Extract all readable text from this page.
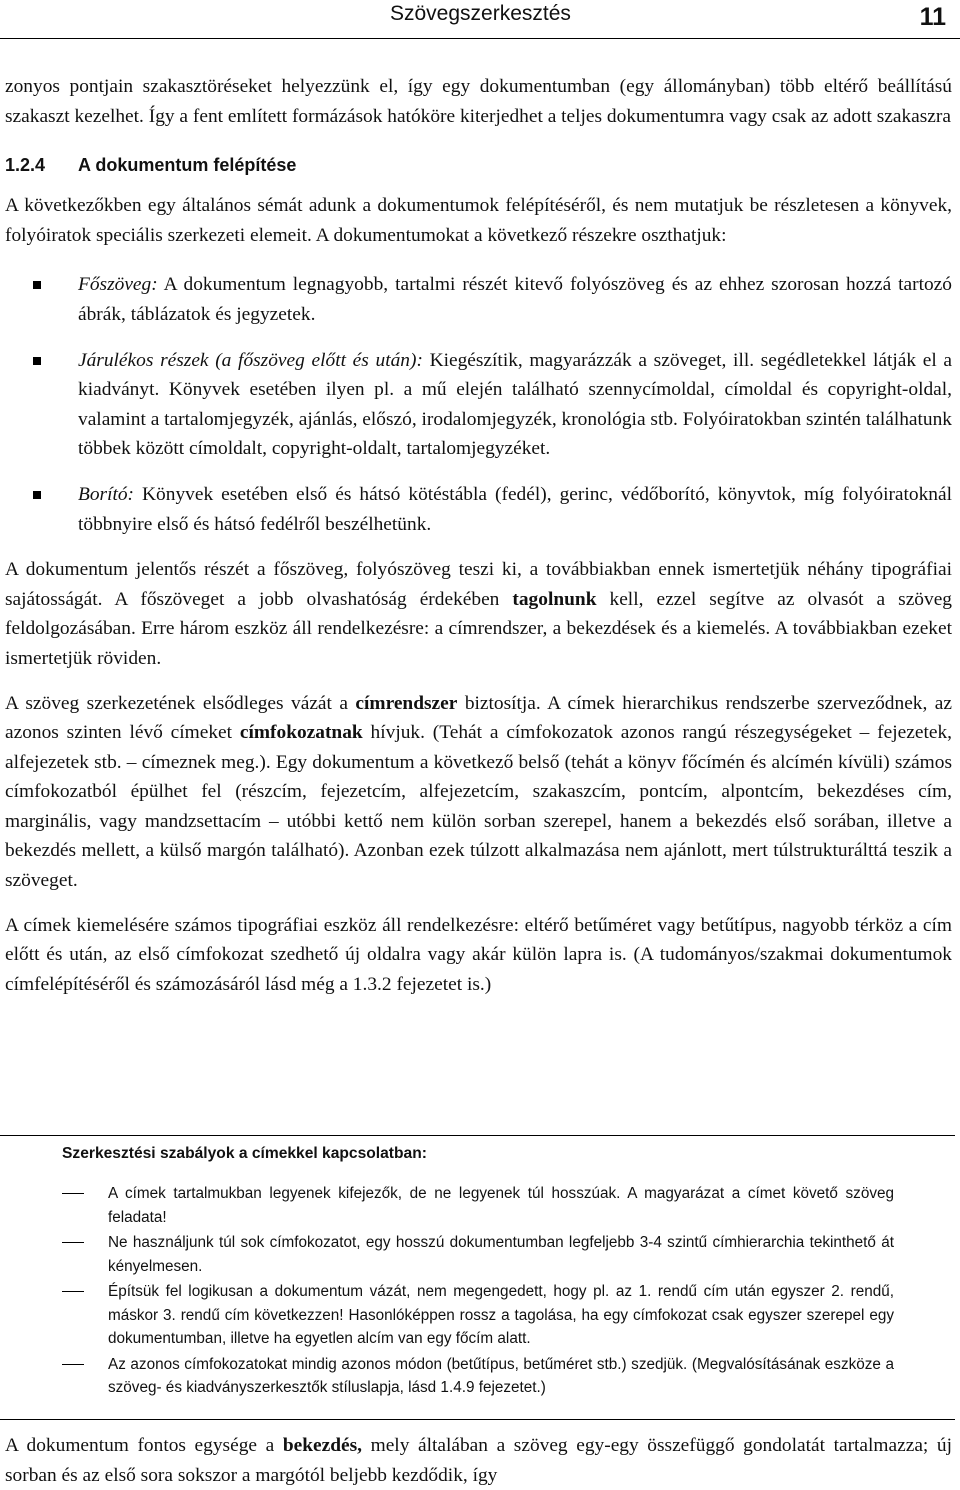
Szövegszerkesztés	11

zonyos pontjain szakasztöréseket helyezzünk el, így egy dokumentumban (egy állományban) több eltérő beállítású szakaszt kezelhet. Így a fent említett formázások hatóköre kiterjedhet a teljes dokumentumra vagy csak az adott szakaszra

1.2.4 A dokumentum felépítése

A következőkben egy általános sémát adunk a dokumentumok felépítéséről, és nem mutatjuk be részletesen a könyvek, folyóiratok speciális szerkezeti elemeit. A dokumentumokat a következő részekre oszthatjuk:

Főszöveg: A dokumentum legnagyobb, tartalmi részét kitevő folyószöveg és az ehhez szorosan hozzá tartozó ábrák, táblázatok és jegyzetek.
Járulékos részek (a főszöveg előtt és után): Kiegészítik, magyarázzák a szöveget, ill. segédletekkel látják el a kiadványt. Könyvek esetében ilyen pl. a mű elején található szennycímoldal, címoldal és copyright-oldal, valamint a tartalomjegyzék, ajánlás, előszó, irodalomjegyzék, kronológia stb. Folyóiratokban szintén találhatunk többek között címoldalt, copyright-oldalt, tartalomjegyzéket.
Borító: Könyvek esetében első és hátsó kötéstábla (fedél), gerinc, védőborító, könyvtok, míg folyóiratoknál többnyire első és hátsó fedélről beszélhetünk.

A dokumentum jelentős részét a főszöveg, folyószöveg teszi ki, a továbbiakban ennek ismertetjük néhány tipográfiai sajátosságát. A főszöveget a jobb olvashatóság érdekében tagolnunk kell, ezzel segítve az olvasót a szöveg feldolgozásában. Erre három eszköz áll rendelkezésre: a címrendszer, a bekezdések és a kiemelés. A továbbiakban ezeket ismertetjük röviden.

A szöveg szerkezetének elsődleges vázát a címrendszer biztosítja. A címek hierarchikus rendszerbe szerveződnek, az azonos szinten lévő címeket címfokozatnak hívjuk. (Tehát a címfokozatok azonos rangú részegységeket – fejezetek, alfejezetek stb. – címeznek meg.). Egy dokumentum a következő belső (tehát a könyv főcímén és alcímén kívüli) számos címfokozatból épülhet fel (részcím, fejezetcím, alfejezetcím, szakaszcím, pontcím, alpontcím, bekezdéses cím, marginális, vagy mandzsettacím – utóbbi kettő nem külön sorban szerepel, hanem a bekezdés első sorában, illetve a bekezdés mellett, a külső margón található). Azonban ezek túlzott alkalmazása nem ajánlott, mert túlstrukturálttá teszik a szöveget.

A címek kiemelésére számos tipográfiai eszköz áll rendelkezésre: eltérő betűméret vagy betűtípus, nagyobb térköz a cím előtt és után, az első címfokozat szedhető új oldalra vagy akár külön lapra is. (A tudományos/szakmai dokumentumok címfelépítéséről és számozásáról lásd még a 1.3.2 fejezetet is.)

Szerkesztési szabályok a címekkel kapcsolatban:
A címek tartalmukban legyenek kifejezők, de ne legyenek túl hosszúak. A magyarázat a címet követő szöveg feladata!
Ne használjunk túl sok címfokozatot, egy hosszú dokumentumban legfeljebb 3-4 szintű címhierarchia tekinthető át kényelmesen.
Építsük fel logikusan a dokumentum vázát, nem megengedett, hogy pl. az 1. rendű cím után egyszer 2. rendű, máskor 3. rendű cím következzen! Hasonlóképpen rossz a tagolása, ha egy címfokozat csak egyszer szerepel egy dokumentumban, illetve ha egyetlen alcím van egy főcím alatt.
Az azonos címfokozatokat mindig azonos módon (betűtípus, betűméret stb.) szedjük. (Megvalósításának eszköze a szöveg- és kiadványszerkesztők stíluslapja, lásd 1.4.9 fejezetet.)

A dokumentum fontos egysége a bekezdés, mely általában a szöveg egy-egy összefüggő gondolatát tartalmazza; új sorban és az első sora sokszor a margótól beljebb kezdődik, így
